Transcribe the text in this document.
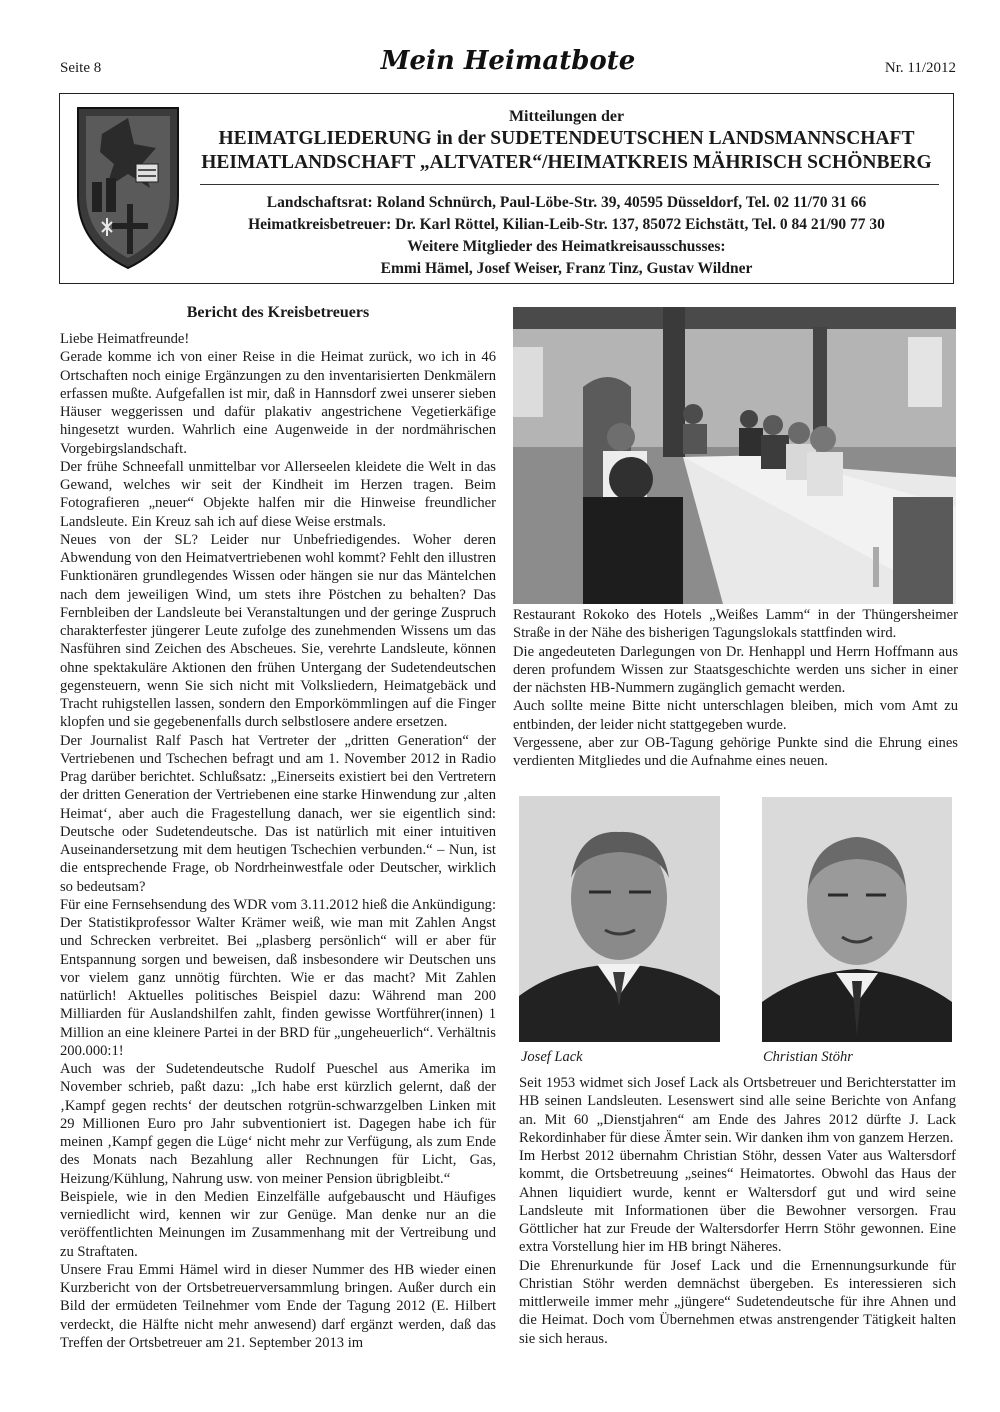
Seite 8	Mein Heimatbote	Nr. 11/2012
Mitteilungen der
HEIMATGLIEDERUNG in der SUDETENDEUTSCHEN LANDSMANNSCHAFT
HEIMATLANDSCHAFT „ALTVATER“/HEIMATKREIS MÄHRISCH SCHÖNBERG
Landschaftsrat: Roland Schnürch, Paul-Löbe-Str. 39, 40595 Düsseldorf, Tel. 02 11/70 31 66
Heimatkreisbetreuer: Dr. Karl Röttel, Kilian-Leib-Str. 137, 85072 Eichstätt, Tel. 0 84 21/90 77 30
Weitere Mitglieder des Heimatkreisausschusses:
Emmi Hämel, Josef Weiser, Franz Tinz, Gustav Wildner
Bericht des Kreisbetreuers

Liebe Heimatfreunde!

Gerade komme ich von einer Reise in die Heimat zurück, wo ich in 46 Ortschaften noch einige Ergänzungen zu den inventarisierten Denkmälern erfassen mußte. Aufgefallen ist mir, daß in Hannsdorf zwei unserer sieben Häuser weggerissen und dafür plakativ angestrichene Vegetierkäfige hingesetzt wurden. Wahrlich eine Augenweide in der nordmährischen Vorgebirgslandschaft.

Der frühe Schneefall unmittelbar vor Allerseelen kleidete die Welt in das Gewand, welches wir seit der Kindheit im Herzen tragen. Beim Fotografieren „neuer“ Objekte halfen mir die Hinweise freundlicher Landsleute. Ein Kreuz sah ich auf diese Weise erstmals.

Neues von der SL? Leider nur Unbefriedigendes. Woher deren Abwendung von den Heimatvertriebenen wohl kommt? Fehlt den illustren Funktionären grundlegendes Wissen oder hängen sie nur das Mäntelchen nach dem jeweiligen Wind, um stets ihre Pöstchen zu behalten? Das Fernbleiben der Landsleute bei Veranstaltungen und der geringe Zuspruch charakterfester jüngerer Leute zufolge des zunehmenden Wissens um das Nasführen sind Zeichen des Abscheues. Sie, verehrte Landsleute, können ohne spektakuläre Aktionen den frühen Untergang der Sudetendeutschen gegensteuern, wenn Sie sich nicht mit Volksliedern, Heimatgebäck und Tracht ruhigstellen lassen, sondern den Emporkömmlingen auf die Finger klopfen und sie gegebenenfalls durch selbstlosere andere ersetzen.

Der Journalist Ralf Pasch hat Vertreter der „dritten Generation“ der Vertriebenen und Tschechen befragt und am 1. November 2012 in Radio Prag darüber berichtet. Schlußsatz: „Einerseits existiert bei den Vertretern der dritten Generation der Vertriebenen eine starke Hinwendung zur ‚alten Heimat‘, aber auch die Fragestellung danach, wer sie eigentlich sind: Deutsche oder Sudetendeutsche. Das ist natürlich mit einer intuitiven Auseinandersetzung mit dem heutigen Tschechien verbunden.“ – Nun, ist die entsprechende Frage, ob Nordrheinwestfale oder Deutscher, wirklich so bedeutsam?

Für eine Fernsehsendung des WDR vom 3.11.2012 hieß die Ankündigung: Der Statistikprofessor Walter Krämer weiß, wie man mit Zahlen Angst und Schrecken verbreitet. Bei „plasberg persönlich“ will er aber für Entspannung sorgen und beweisen, daß insbesondere wir Deutschen uns vor vielem ganz unnötig fürchten. Wie er das macht? Mit Zahlen natürlich! Aktuelles politisches Beispiel dazu: Während man 200 Milliarden für Auslandshilfen zahlt, finden gewisse Wortführer(innen) 1 Million an eine kleinere Partei in der BRD für „ungeheuerlich“. Verhältnis 200.000:1!

Auch was der Sudetendeutsche Rudolf Pueschel aus Amerika im November schrieb, paßt dazu: „Ich habe erst kürzlich gelernt, daß der ‚Kampf gegen rechts‘ der deutschen rotgrün-schwarzgelben Linken mit 29 Millionen Euro pro Jahr subventioniert ist. Dagegen habe ich für meinen ‚Kampf gegen die Lüge‘ nicht mehr zur Verfügung, als zum Ende des Monats nach Bezahlung aller Rechnungen für Licht, Gas, Heizung/Kühlung, Nahrung usw. von meiner Pension übrigbleibt.“

Beispiele, wie in den Medien Einzelfälle aufgebauscht und Häufiges verniedlicht wird, kennen wir zur Genüge. Man denke nur an die veröffentlichten Meinungen im Zusammenhang mit der Vertreibung und zu Straftaten.

Unsere Frau Emmi Hämel wird in dieser Nummer des HB wieder einen Kurzbericht von der Ortsbetreuerversammlung bringen. Außer durch ein Bild der ermüdeten Teilnehmer vom Ende der Tagung 2012 (E. Hilbert verdeckt, die Hälfte nicht mehr anwesend) darf ergänzt werden, daß das Treffen der Ortsbetreuer am 21. September 2013 im

Restaurant Rokoko des Hotels „Weißes Lamm“ in der Thüngersheimer Straße in der Nähe des bisherigen Tagungslokals stattfinden wird.

Die angedeuteten Darlegungen von Dr. Henhappl und Herrn Hoffmann aus deren profundem Wissen zur Staatsgeschichte werden uns sicher in einer der nächsten HB-Nummern zugänglich gemacht werden.

Auch sollte meine Bitte nicht unterschlagen bleiben, mich vom Amt zu entbinden, der leider nicht stattgegeben wurde.

Vergessene, aber zur OB-Tagung gehörige Punkte sind die Ehrung eines verdienten Mitgliedes und die Aufnahme eines neuen.

Josef Lack	Christian Stöhr

Seit 1953 widmet sich Josef Lack als Ortsbetreuer und Berichterstatter im HB seinen Landsleuten. Lesenswert sind alle seine Berichte von Anfang an. Mit 60 „Dienstjahren“ am Ende des Jahres 2012 dürfte J. Lack Rekordinhaber für diese Ämter sein. Wir danken ihm von ganzem Herzen.

Im Herbst 2012 übernahm Christian Stöhr, dessen Vater aus Waltersdorf kommt, die Ortsbetreuung „seines“ Heimatortes. Obwohl das Haus der Ahnen liquidiert wurde, kennt er Waltersdorf gut und wird seine Landsleute mit Informationen über die Bewohner versorgen. Frau Göttlicher hat zur Freude der Waltersdorfer Herrn Stöhr gewonnen. Eine extra Vorstellung hier im HB bringt Näheres.

Die Ehrenurkunde für Josef Lack und die Ernennungsurkunde für Christian Stöhr werden demnächst übergeben. Es interessieren sich mittlerweile immer mehr „jüngere“ Sudetendeutsche für ihre Ahnen und die Heimat. Doch vom Übernehmen etwas anstrengender Tätigkeit halten sie sich heraus.
